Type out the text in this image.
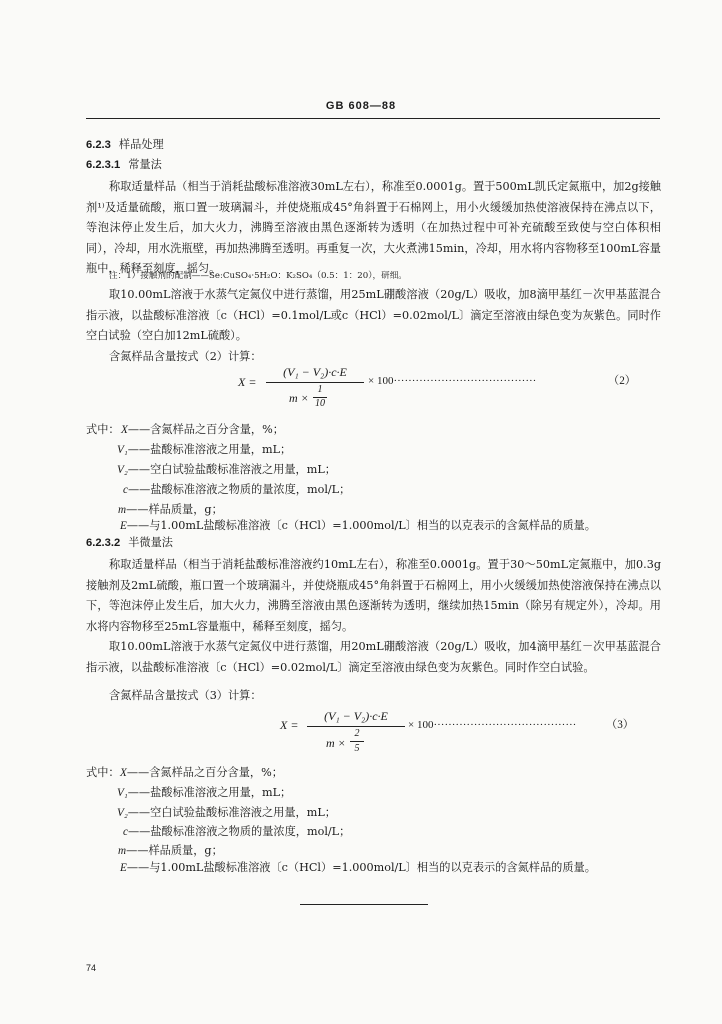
GB 608—88
6.2.3 样品处理
6.2.3.1 常量法
称取适量样品（相当于消耗盐酸标准溶液30mL左右），称准至0.0001g。置于500mL凯氏定氮瓶中，加2g接触剂¹⁾及适量硫酸，瓶口置一玻璃漏斗，并使烧瓶成45°角斜置于石棉网上，用小火缓缓加热使溶液保持在沸点以下，等泡沫停止发生后，加大火力，沸腾至溶液由黑色逐渐转为透明（在加热过程中可补充硫酸至致使与空白体积相同），冷却，用水洗瓶壁，再加热沸腾至透明。再重复一次，大火煮沸15min，冷却，用水将内容物移至100mL容量瓶中，稀释至刻度，摇匀。
注：1）接触剂的配制——SeːCuSO₄·5H₂O：K₂SO₄（0.5：1：20），研细。
取10.00mL溶液于水蒸气定氮仪中进行蒸馏，用25mL硼酸溶液（20g/L）吸收，加8滴甲基红－次甲基蓝混合指示液，以盐酸标准溶液〔c（HCl）=0.1mol/L或c（HCl）=0.02mol/L〕滴定至溶液由绿色变为灰紫色。同时作空白试验（空白加12mL硫酸）。
含氮样品含量按式（2）计算：
X =
(V₁ − V₂)·c·E
m ×
1
10
× 100·······································	（2）
式中： X——含氮样品之百分含量，%；
V₁——盐酸标准溶液之用量，mL；
V₂——空白试验盐酸标准溶液之用量，mL；
c——盐酸标准溶液之物质的量浓度，mol/L；
m——样品质量，g；
E——与1.00mL盐酸标准溶液〔c（HCl）=1.000mol/L〕相当的以克表示的含氮样品的质量。
6.2.3.2 半微量法
称取适量样品（相当于消耗盐酸标准溶液约10mL左右），称准至0.0001g。置于30～50mL定氮瓶中，加0.3g接触剂及2mL硫酸，瓶口置一个玻璃漏斗，并使烧瓶成45°角斜置于石棉网上，用小火缓缓加热使溶液保持在沸点以下，等泡沫停止发生后，加大火力，沸腾至溶液由黑色逐渐转为透明，继续加热15min（除另有规定外），冷却。用水将内容物移至25mL容量瓶中，稀释至刻度，摇匀。
取10.00mL溶液于水蒸气定氮仪中进行蒸馏，用20mL硼酸溶液（20g/L）吸收，加4滴甲基红－次甲基蓝混合指示液，以盐酸标准溶液〔c（HCl）=0.02mol/L〕滴定至溶液由绿色变为灰紫色。同时作空白试验。
含氮样品含量按式（3）计算：
X =
(V₁ − V₂)·c·E
m ×
2
5
× 100·······································	（3）
式中： X——含氮样品之百分含量，%；
V₁——盐酸标准溶液之用量，mL；
V₂——空白试验盐酸标准溶液之用量，mL；
c——盐酸标准溶液之物质的量浓度，mol/L；
m——样品质量，g；
E——与1.00mL盐酸标准溶液〔c（HCl）=1.000mol/L〕相当的以克表示的含氮样品的质量。
74
